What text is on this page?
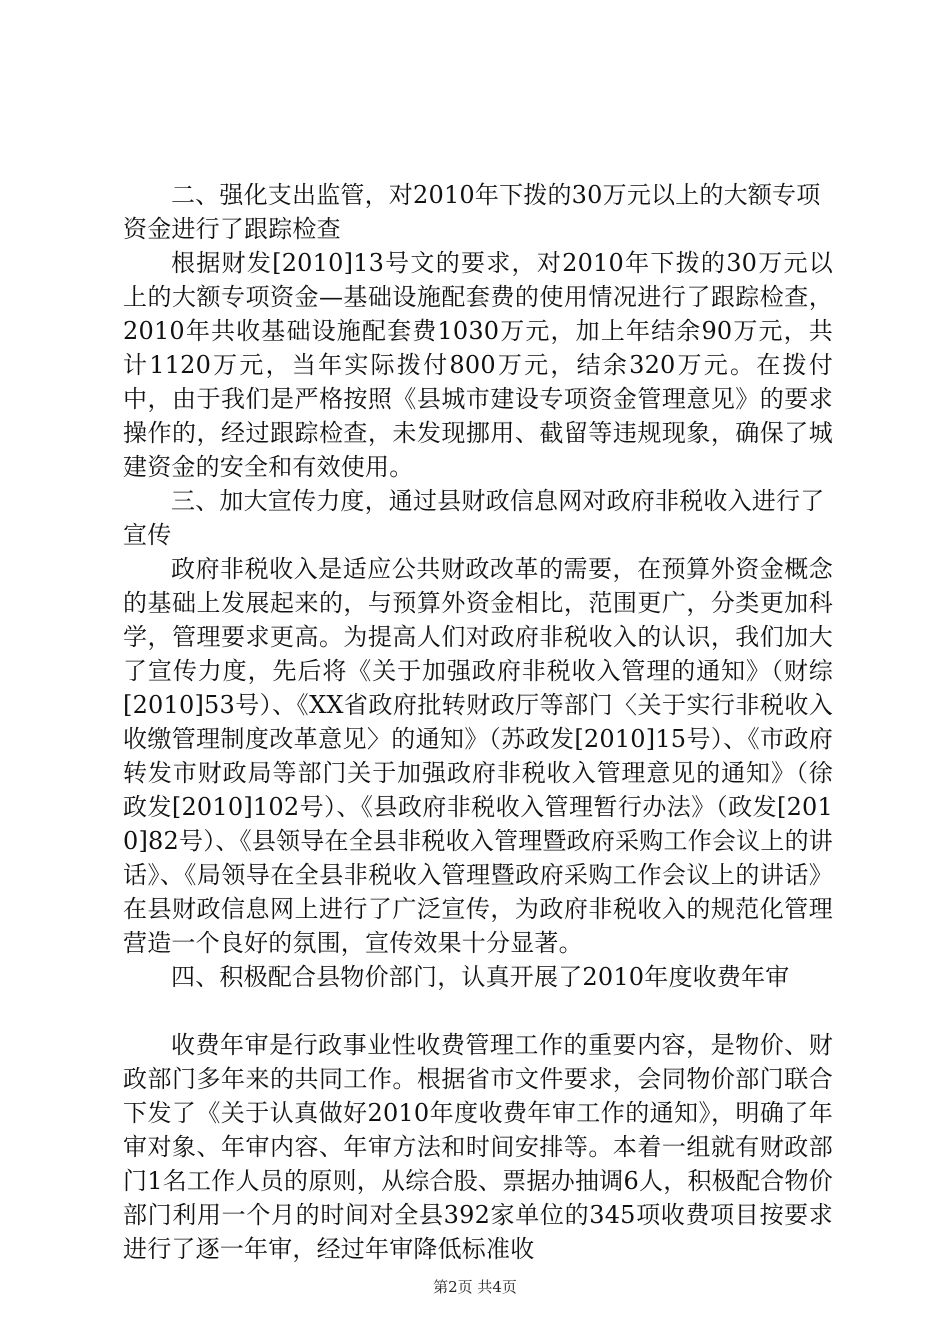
二、强化支出监管，对2010年下拨的30万元以上的大额专项资金进行了跟踪检查

根据财发[2010]13号文的要求，对2010年下拨的30万元以上的大额专项资金—基础设施配套费的使用情况进行了跟踪检查，2010年共收基础设施配套费1030万元，加上年结余90万元，共计1120万元，当年实际拨付800万元，结余320万元。在拨付中，由于我们是严格按照《县城市建设专项资金管理意见》的要求操作的，经过跟踪检查，未发现挪用、截留等违规现象，确保了城建资金的安全和有效使用。

三、加大宣传力度，通过县财政信息网对政府非税收入进行了宣传

政府非税收入是适应公共财政改革的需要，在预算外资金概念的基础上发展起来的，与预算外资金相比，范围更广，分类更加科学，管理要求更高。为提高人们对政府非税收入的认识，我们加大了宣传力度，先后将《关于加强政府非税收入管理的通知》（财综[2010]53号）、《XX省政府批转财政厅等部门〈关于实行非税收入收缴管理制度改革意见〉的通知》（苏政发[2010]15号）、《市政府转发市财政局等部门关于加强政府非税收入管理意见的通知》（徐政发[2010]102号）、《县政府非税收入管理暂行办法》（政发[2010]82号）、《县领导在全县非税收入管理暨政府采购工作会议上的讲话》、《局领导在全县非税收入管理暨政府采购工作会议上的讲话》在县财政信息网上进行了广泛宣传，为政府非税收入的规范化管理营造一个良好的氛围，宣传效果十分显著。

四、积极配合县物价部门，认真开展了2010年度收费年审

收费年审是行政事业性收费管理工作的重要内容，是物价、财政部门多年来的共同工作。根据省市文件要求，会同物价部门联合下发了《关于认真做好2010年度收费年审工作的通知》，明确了年审对象、年审内容、年审方法和时间安排等。本着一组就有财政部门1名工作人员的原则，从综合股、票据办抽调6人，积极配合物价部门利用一个月的时间对全县392家单位的345项收费项目按要求进行了逐一年审，经过年审降低标准收

第2页 共4页
